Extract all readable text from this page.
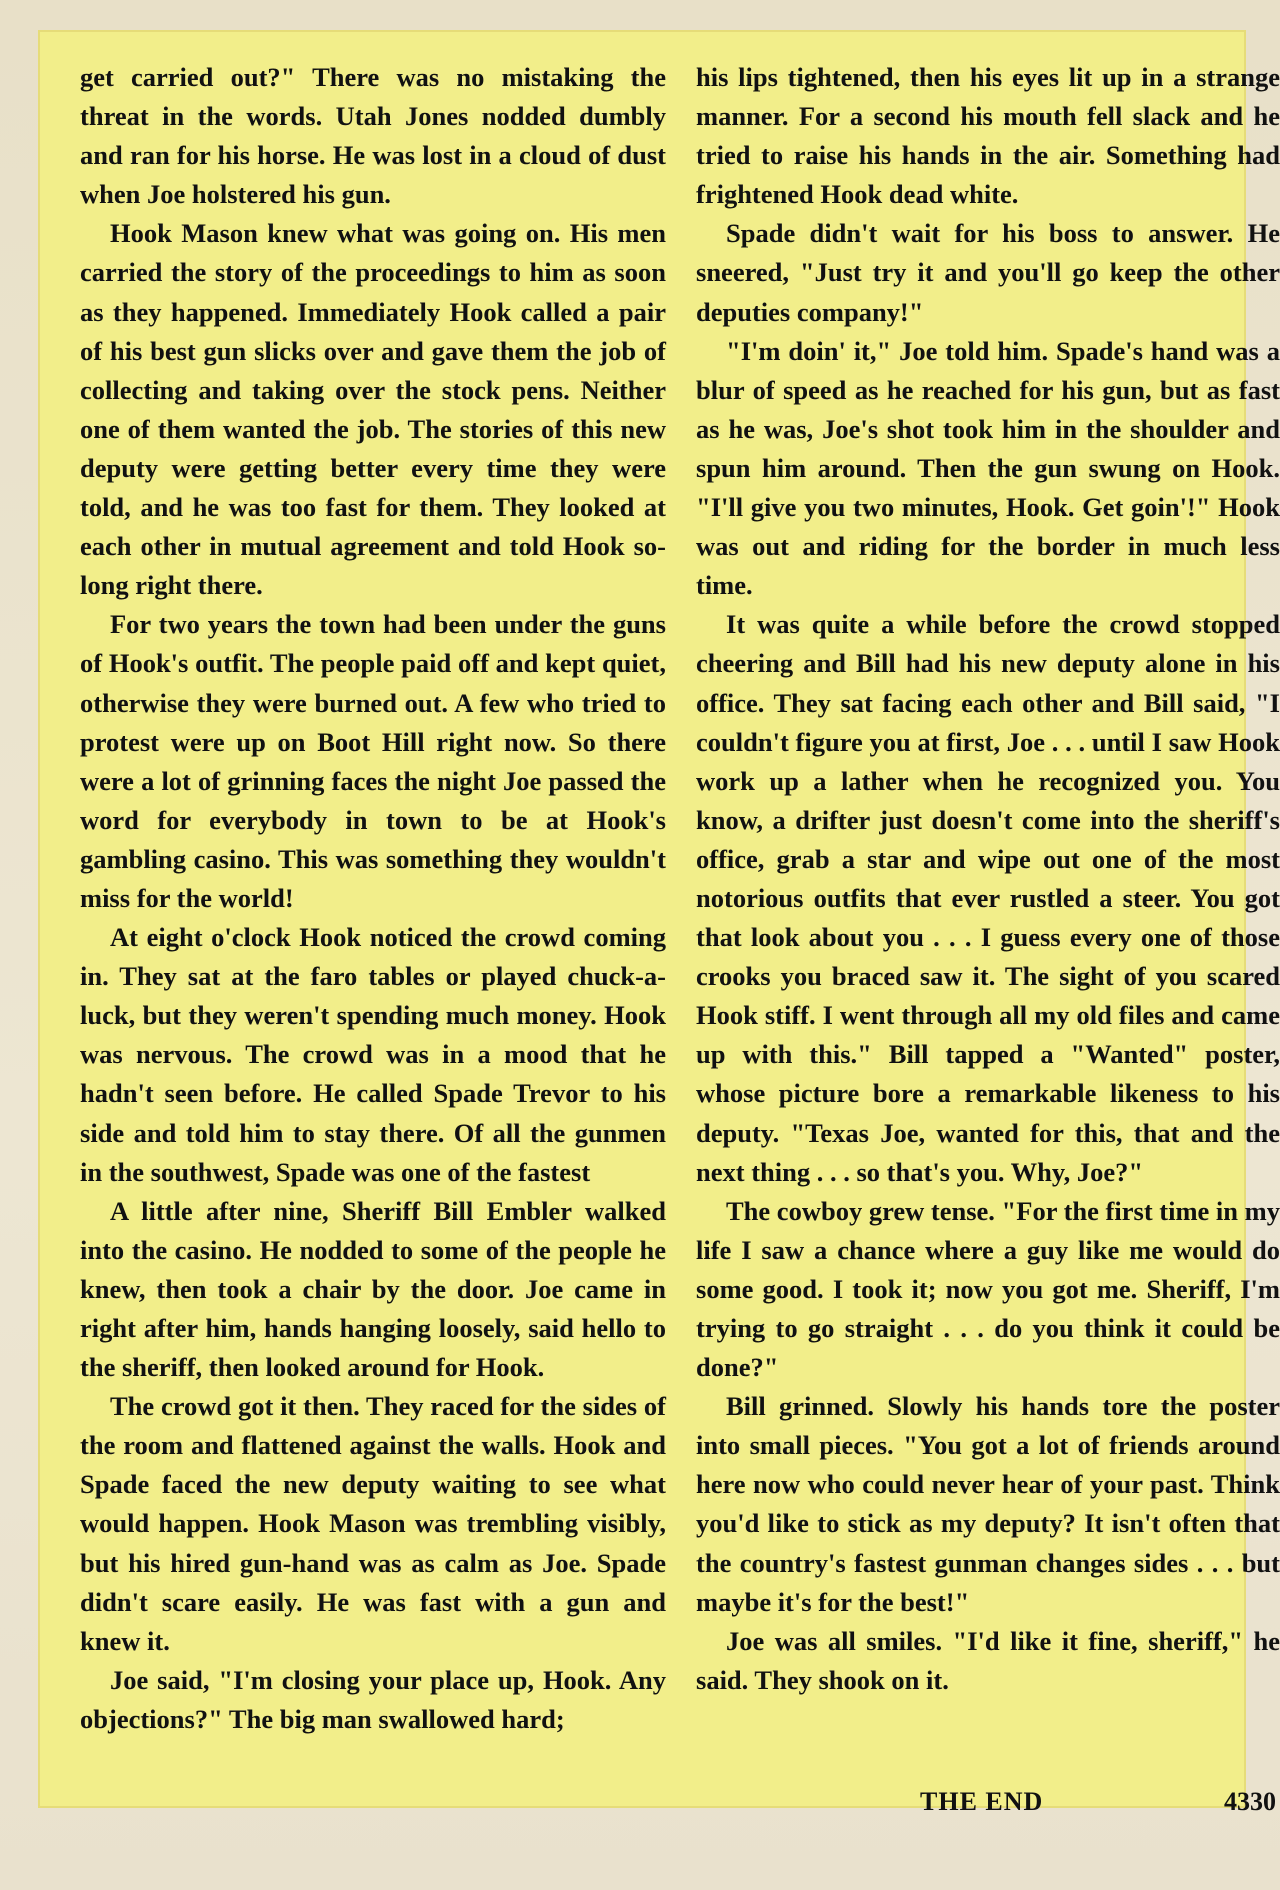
get carried out?" There was no mistaking the threat in the words. Utah Jones nodded dumbly and ran for his horse. He was lost in a cloud of dust when Joe holstered his gun.

Hook Mason knew what was going on. His men carried the story of the proceedings to him as soon as they happened. Immediately Hook called a pair of his best gun slicks over and gave them the job of collecting and taking over the stock pens. Neither one of them wanted the job. The stories of this new deputy were getting better every time they were told, and he was too fast for them. They looked at each other in mutual agreement and told Hook so-long right there.

For two years the town had been under the guns of Hook's outfit. The people paid off and kept quiet, otherwise they were burned out. A few who tried to protest were up on Boot Hill right now. So there were a lot of grinning faces the night Joe passed the word for everybody in town to be at Hook's gambling casino. This was something they wouldn't miss for the world!

At eight o'clock Hook noticed the crowd coming in. They sat at the faro tables or played chuck-a-luck, but they weren't spending much money. Hook was nervous. The crowd was in a mood that he hadn't seen before. He called Spade Trevor to his side and told him to stay there. Of all the gunmen in the southwest, Spade was one of the fastest

A little after nine, Sheriff Bill Embler walked into the casino. He nodded to some of the people he knew, then took a chair by the door. Joe came in right after him, hands hanging loosely, said hello to the sheriff, then looked around for Hook.

The crowd got it then. They raced for the sides of the room and flattened against the walls. Hook and Spade faced the new deputy waiting to see what would happen. Hook Mason was trembling visibly, but his hired gun-hand was as calm as Joe. Spade didn't scare easily. He was fast with a gun and knew it.

Joe said, "I'm closing your place up, Hook. Any objections?" The big man swallowed hard;

his lips tightened, then his eyes lit up in a strange manner. For a second his mouth fell slack and he tried to raise his hands in the air. Something had frightened Hook dead white.

Spade didn't wait for his boss to answer. He sneered, "Just try it and you'll go keep the other deputies company!"

"I'm doin' it," Joe told him. Spade's hand was a blur of speed as he reached for his gun, but as fast as he was, Joe's shot took him in the shoulder and spun him around. Then the gun swung on Hook. "I'll give you two minutes, Hook. Get goin'!" Hook was out and riding for the border in much less time.

It was quite a while before the crowd stopped cheering and Bill had his new deputy alone in his office. They sat facing each other and Bill said, "I couldn't figure you at first, Joe . . . until I saw Hook work up a lather when he recognized you. You know, a drifter just doesn't come into the sheriff's office, grab a star and wipe out one of the most notorious outfits that ever rustled a steer. You got that look about you . . . I guess every one of those crooks you braced saw it. The sight of you scared Hook stiff. I went through all my old files and came up with this." Bill tapped a "Wanted" poster, whose picture bore a remarkable likeness to his deputy. "Texas Joe, wanted for this, that and the next thing . . . so that's you. Why, Joe?"

The cowboy grew tense. "For the first time in my life I saw a chance where a guy like me would do some good. I took it; now you got me. Sheriff, I'm trying to go straight . . . do you think it could be done?"

Bill grinned. Slowly his hands tore the poster into small pieces. "You got a lot of friends around here now who could never hear of your past. Think you'd like to stick as my deputy? It isn't often that the country's fastest gunman changes sides . . . but maybe it's for the best!"

Joe was all smiles. "I'd like it fine, sheriff," he said. They shook on it.

THE END	4330
